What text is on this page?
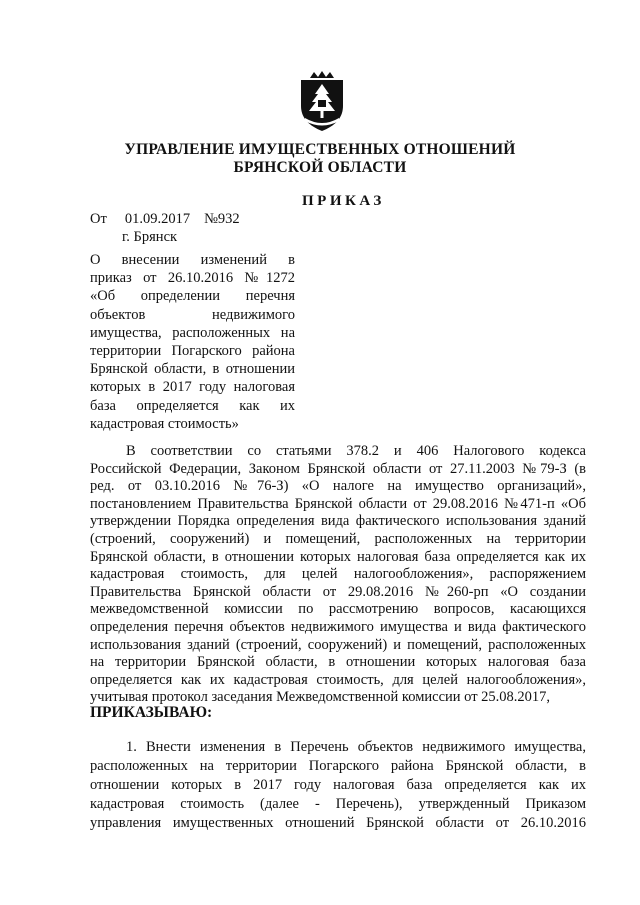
УПРАВЛЕНИЕ ИМУЩЕСТВЕННЫХ ОТНОШЕНИЙ
БРЯНСКОЙ ОБЛАСТИ
ПРИКАЗ
От 01.09.2017 №932
г. Брянск
О внесении изменений в
приказ от 26.10.2016 №1272
«Об определении перечня
объектов недвижимого
имущества, расположенных на
территории Погарского района
Брянской области, в отношении
которых в 2017 году налоговая
база определяется как их
кадастровая стоимость»
В соответствии со статьями 378.2 и 406 Налогового кодекса
Российской Федерации, Законом Брянской области от 27.11.2003 №79-З (в
ред. от 03.10.2016 №76-З) «О налоге на имущество организаций»,
постановлением Правительства Брянской области от 29.08.2016 №471-п «Об
утверждении Порядка определения вида фактического использования зданий
(строений, сооружений) и помещений, расположенных на территории
Брянской области, в отношении которых налоговая база определяется как их
кадастровая стоимость, для целей налогообложения», распоряжением
Правительства Брянской области от 29.08.2016 №260-рп «О создании
межведомственной комиссии по рассмотрению вопросов, касающихся
определения перечня объектов недвижимого имущества и вида фактического
использования зданий (строений, сооружений) и помещений, расположенных
на территории Брянской области, в отношении которых налоговая база
определяется как их кадастровая стоимость, для целей налогообложения»,
учитывая протокол заседания Межведомственной комиссии от 25.08.2017,
ПРИКАЗЫВАЮ:
1. Внести изменения в Перечень объектов недвижимого имущества,
расположенных на территории Погарского района Брянской области, в
отношении которых в 2017 году налоговая база определяется как их
кадастровая стоимость (далее - Перечень), утвержденный Приказом
управления имущественных отношений Брянской области от 26.10.2016
